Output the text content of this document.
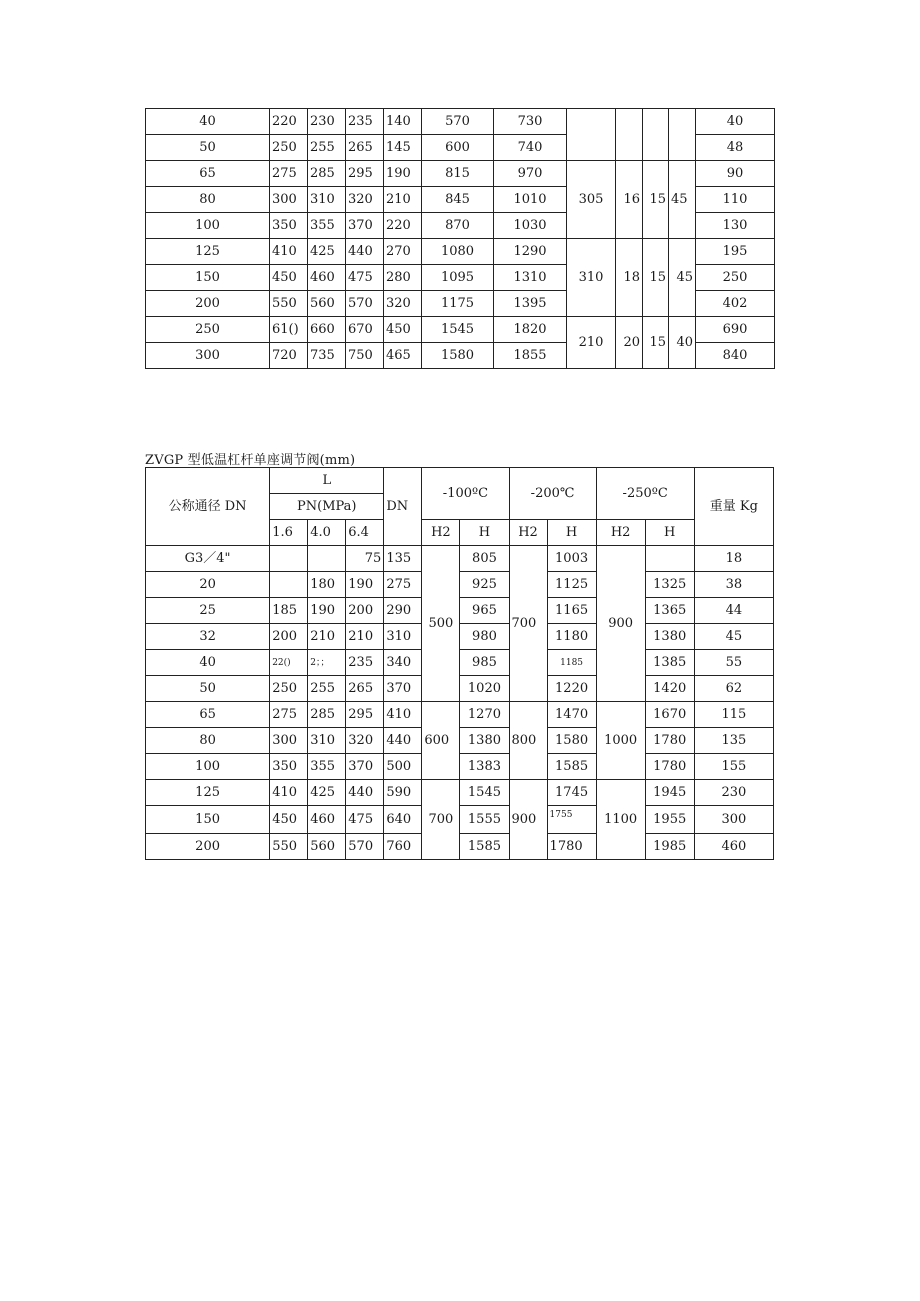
40	220	230	235	140	570	730					40
50	250	255	265	145	600	740					48
65	275	285	295	190	815	970	305	16	15	45	90
80	300	310	320	210	845	1010					110
100	350	355	370	220	870	1030					130
125	410	425	440	270	1080	1290	310	18	15	45	195
150	450	460	475	280	1095	1310					250
200	550	560	570	320	1175	1395					402
250	61()	660	670	450	1545	1820	210	20	15	40	690
300	720	735	750	465	1580	1855					840
ZVGP 型低温杠杆单座调节阀(mm)
公称通径 DN	L			DN	-100ºC		-200℃		-250ºC		重量 Kg
	PN(MPa)										
	1.6	4.0	6.4		H2	H	H2	H	H2	H	
G3／4"			75	135	500	805	700	1003	900		18
20		180	190	275		925		1125		1325	38
25	185	190	200	290		965		1165		1365	44
32	200	210	210	310		980		1180		1380	45
40	22()	2；；	235	340		985		1185		1385	55
50	250	255	265	370		1020		1220		1420	62
65	275	285	295	410	600	1270	800	1470	1000	1670	115
80	300	310	320	440		1380		1580		1780	135
100	350	355	370	500		1383		1585		1780	155
125	410	425	440	590	700	1545	900	1745	1100	1945	230
150	450	460	475	640		1555		1755		1955	300
200	550	560	570	760		1585		1780		1985	460
